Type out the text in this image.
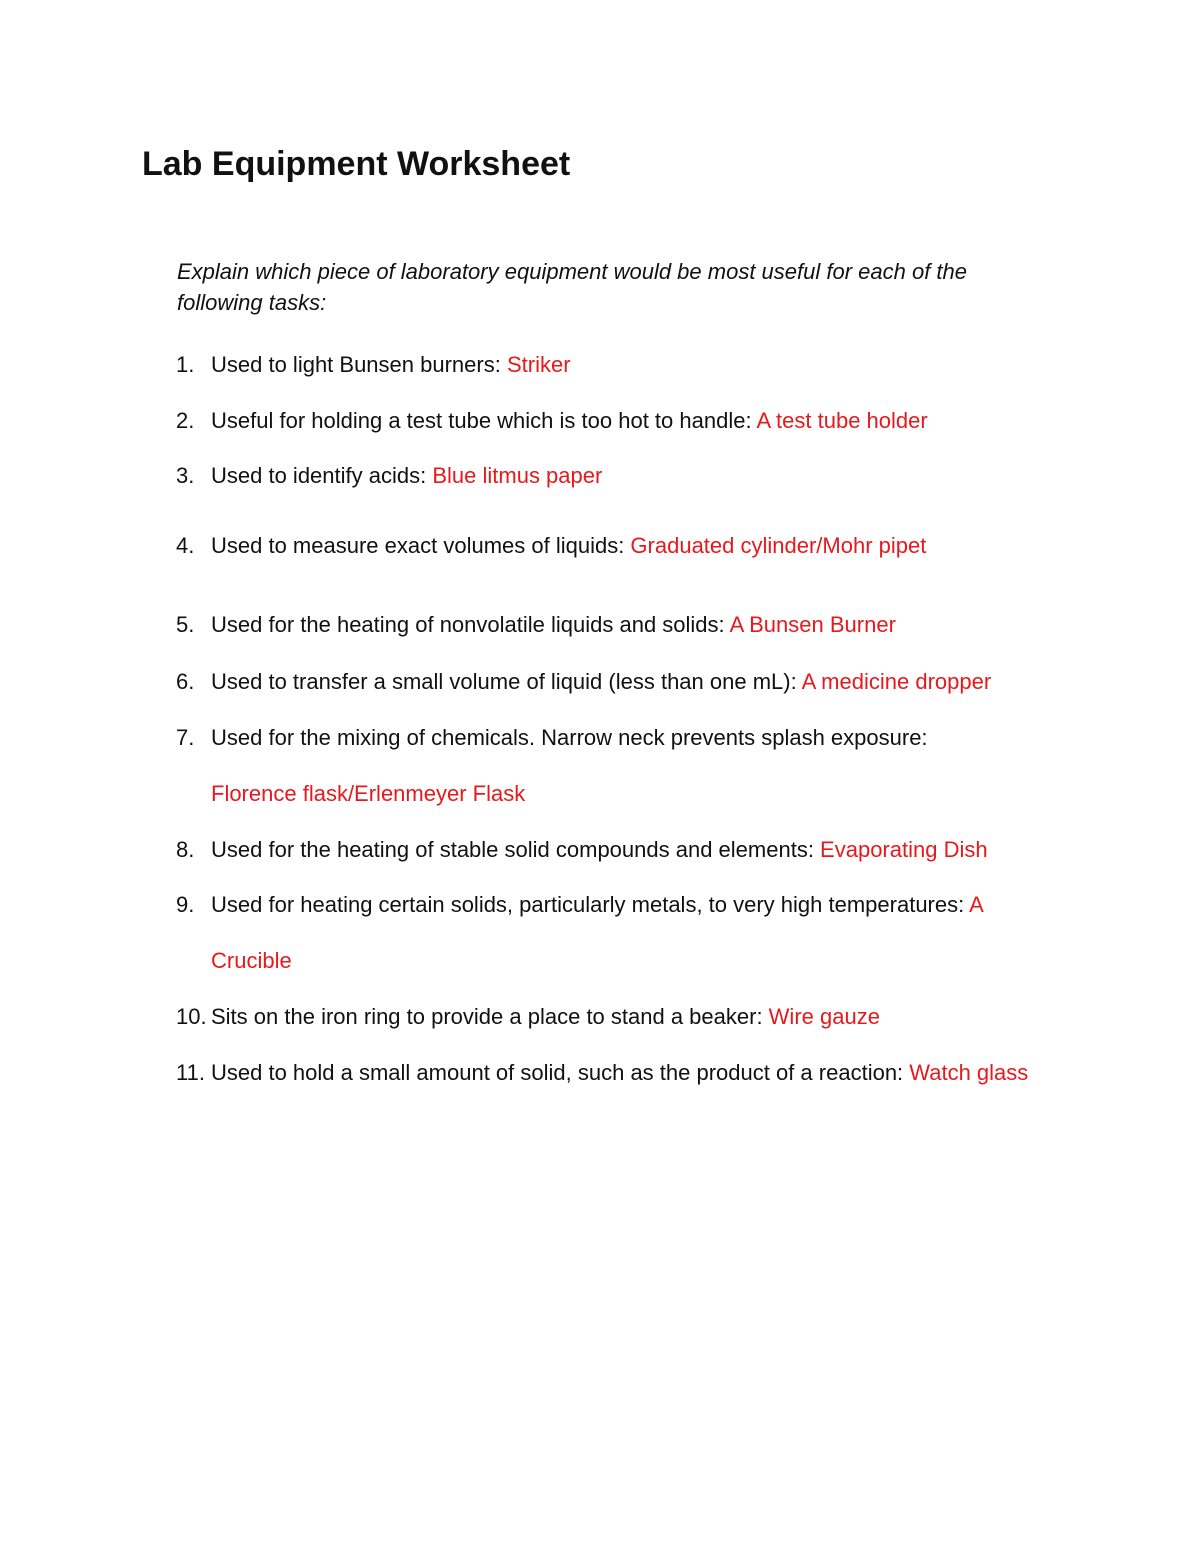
Lab Equipment Worksheet

Explain which piece of laboratory equipment would be most useful for each of the following tasks:

1. Used to light Bunsen burners: Striker
2. Useful for holding a test tube which is too hot to handle: A test tube holder
3. Used to identify acids: Blue litmus paper
4. Used to measure exact volumes of liquids: Graduated cylinder/Mohr pipet
5. Used for the heating of nonvolatile liquids and solids: A Bunsen Burner
6. Used to transfer a small volume of liquid (less than one mL): A medicine dropper
7. Used for the mixing of chemicals. Narrow neck prevents splash exposure: Florence flask/Erlenmeyer Flask
8. Used for the heating of stable solid compounds and elements: Evaporating Dish
9. Used for heating certain solids, particularly metals, to very high temperatures: A Crucible
10. Sits on the iron ring to provide a place to stand a beaker: Wire gauze
11. Used to hold a small amount of solid, such as the product of a reaction: Watch glass
